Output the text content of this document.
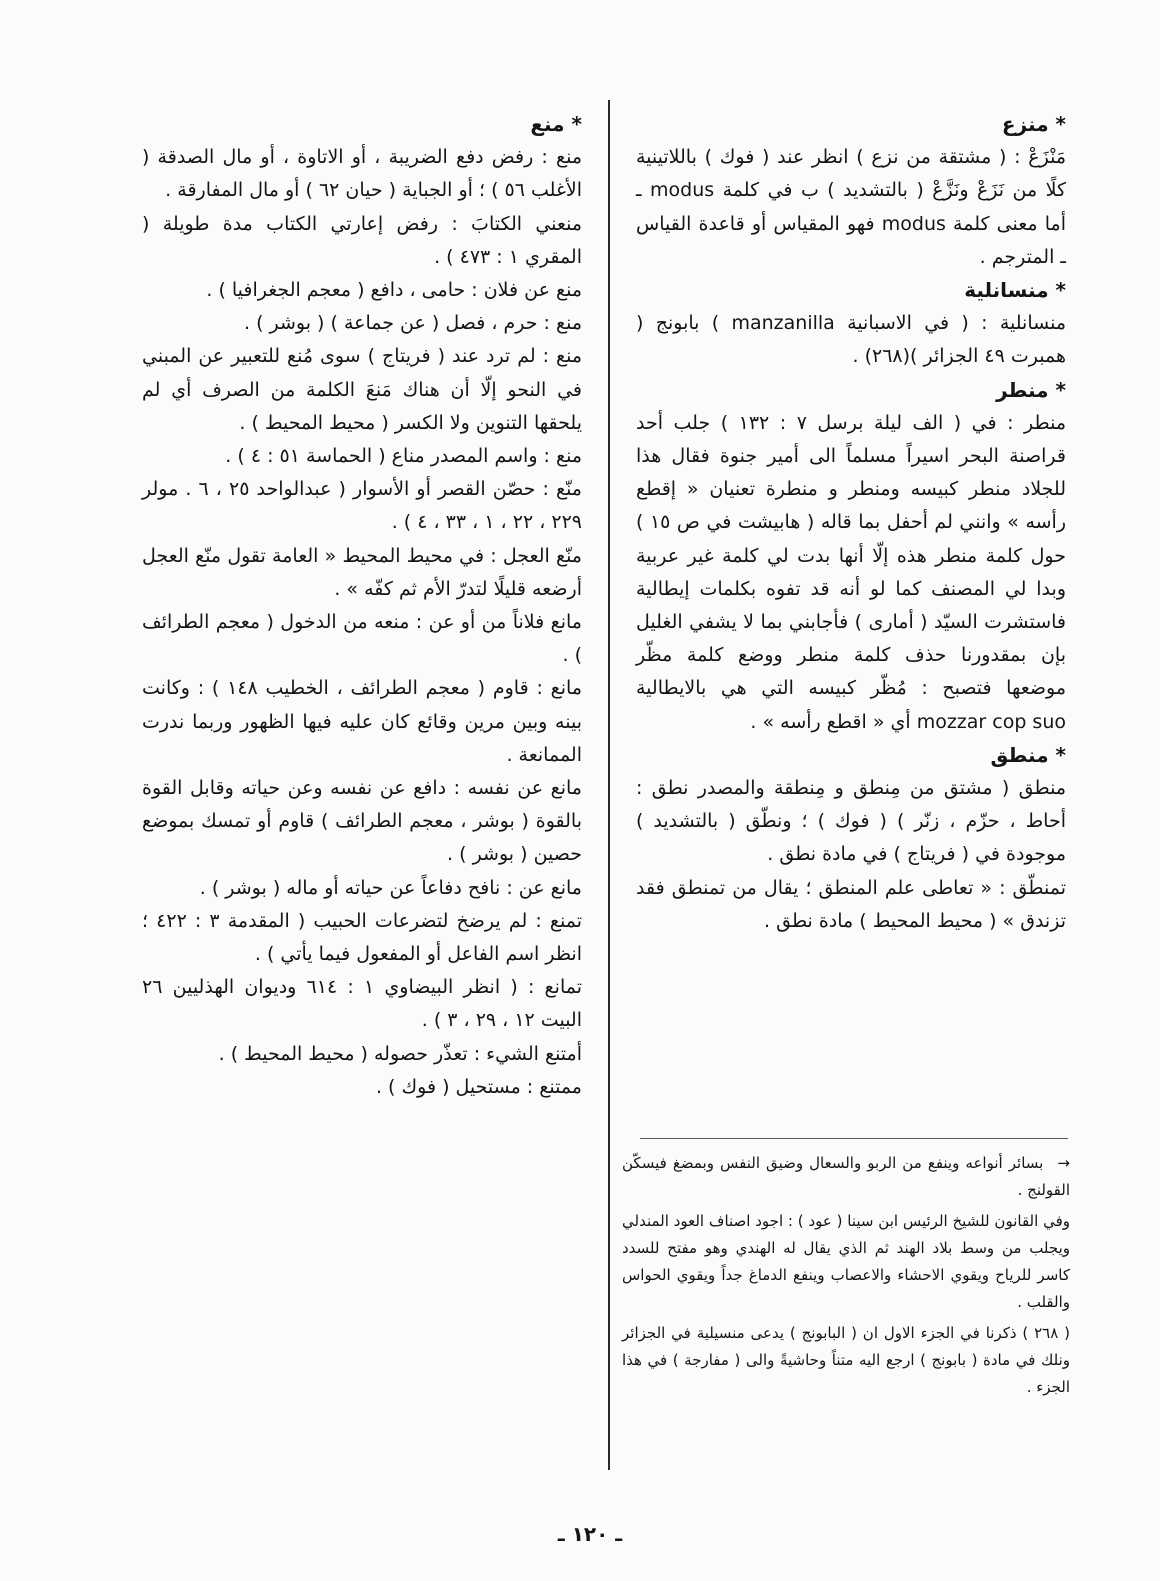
* منزع

مَنْزَعْ : ( مشتقة من نزع ) انظر عند ( فوك ) باللاتينية كلًا من نَزَعْ ونَزَّعْ ( بالتشديد ) ب في كلمة modus ـ أما معنى كلمة modus فهو المقياس أو قاعدة القياس ـ المترجم .

* منسانلية

منسانلية : ( في الاسبانية manzanilla ) بابونج ( همبرت ٤٩ الجزائر )(٢٦٨) .

* منطر

منطر : في ( الف ليلة برسل ٧ : ١٣٢ ) جلب أحد قراصنة البحر اسيراً مسلماً الى أمير جنوة فقال هذا للجلاد منطر كبيسه ومنطر و منطرة تعنيان « إقطع رأسه » وانني لم أحفل بما قاله ( هابيشت في ص ١٥ ) حول كلمة منطر هذه إلّا أنها بدت لي كلمة غير عربية وبدا لي المصنف كما لو أنه قد تفوه بكلمات إيطالية فاستشرت السيّد ( أمارى ) فأجابني بما لا يشفي الغليل بإن بمقدورنا حذف كلمة منطر ووضع كلمة مظّر موضعها فتصبح : مُظّر كبيسه التي هي بالايطالية mozzar cop suo أي « اقطع رأسه » .

* منطق

منطق ( مشتق من مِنطق و مِنطقة والمصدر نطق : أحاط ، حزّم ، زنّر ) ( فوك ) ؛ ونطّق ( بالتشديد ) موجودة في ( فريتاج ) في مادة نطق .

تمنطّق : « تعاطى علم المنطق ؛ يقال من تمنطق فقد تزندق » ( محيط المحيط ) مادة نطق .

* منع

منع : رفض دفع الضريبة ، أو الاتاوة ، أو مال الصدقة ( الأغلب ٥٦ ) ؛ أو الجباية ( حيان ٦٢ ) أو مال المفارقة .

منعني الكتابَ : رفض إعارتي الكتاب مدة طويلة ( المقري ١ : ٤٧٣ ) .

منع عن فلان : حامى ، دافع ( معجم الجغرافيا ) .

منع : حرم ، فصل ( عن جماعة ) ( بوشر ) .

منع : لم ترد عند ( فريتاج ) سوى مُنع للتعبير عن المبني في النحو إلّا أن هناك مَنعَ الكلمة من الصرف أي لم يلحقها التنوين ولا الكسر ( محيط المحيط ) .

منع : واسم المصدر مناع ( الحماسة ٥١ : ٤ ) .

منّع : حصّن القصر أو الأسوار ( عبدالواحد ٢٥ ، ٦ . مولر ٢٢٩ ، ٢٢ ، ١ ، ٣٣ ، ٤ ) .

منّع العجل : في محيط المحيط « العامة تقول منّع العجل أرضعه قليلًا لتدرّ الأم ثم كفّه » .

مانع فلاناً من أو عن : منعه من الدخول ( معجم الطرائف ) .

مانع : قاوم ( معجم الطرائف ، الخطيب ١٤٨ ) : وكانت بينه وبين مرين وقائع كان عليه فيها الظهور وربما ندرت الممانعة .

مانع عن نفسه : دافع عن نفسه وعن حياته وقابل القوة بالقوة ( بوشر ، معجم الطرائف ) قاوم أو تمسك بموضع حصين ( بوشر ) .

مانع عن : نافح دفاعاً عن حياته أو ماله ( بوشر ) .

تمنع : لم يرضخ لتضرعات الحبيب ( المقدمة ٣ : ٤٢٢ ؛ انظر اسم الفاعل أو المفعول فيما يأتي ) .

تمانع : ( انظر البيضاوي ١ : ٦١٤ وديوان الهذليين ٢٦ البيت ١٢ ، ٢٩ ، ٣ ) .

أمتنع الشيء : تعذّر حصوله ( محيط المحيط ) .

ممتنع : مستحيل ( فوك ) .

→ بسائر أنواعه وينفع من الربو والسعال وضيق النفس وبمضغ فيسكّن القولنج .

وفي القانون للشيخ الرئيس ابن سينا ( عود ) : اجود اصناف العود المندلي ويجلب من وسط بلاد الهند ثم الذي يقال له الهندي وهو مفتح للسدد كاسر للرياح ويقوي الاحشاء والاعصاب وينفع الدماغ جداً ويقوي الحواس والقلب .

( ٢٦٨ ) ذكرنا في الجزء الاول ان ( البابونج ) يدعى منسيلية في الجزائر ونلك في مادة ( بابونج ) ارجع اليه متناً وحاشيةً والى ( مفارجة ) في هذا الجزء .

ـ ١٢٠ ـ
